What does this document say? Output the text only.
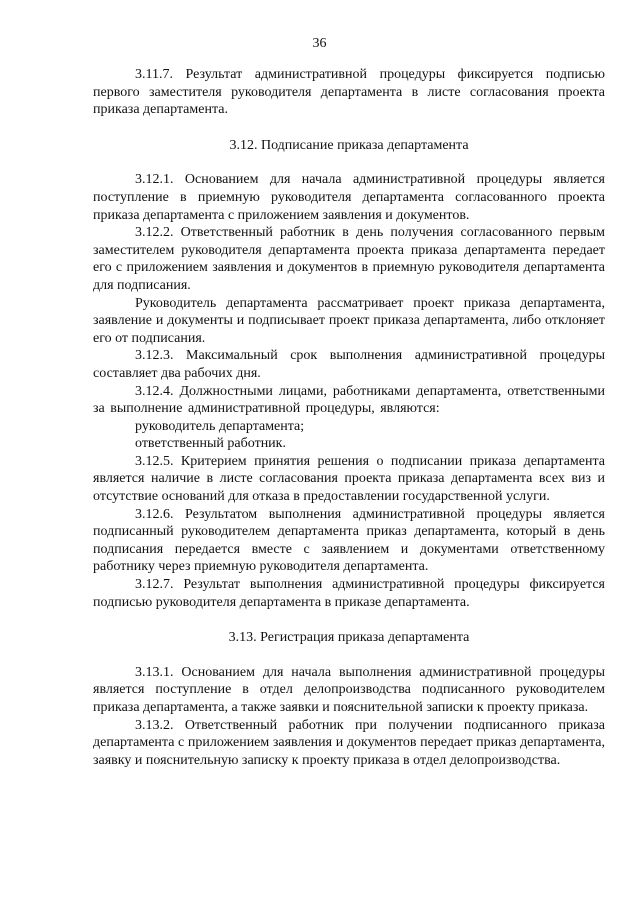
36

3.11.7. Результат административной процедуры фиксируется подписью первого заместителя руководителя департамента в листе согласования проекта приказа департамента.

3.12. Подписание приказа департамента

3.12.1. Основанием для начала административной процедуры является поступление в приемную руководителя департамента согласованного проекта приказа департамента с приложением заявления и документов.

3.12.2. Ответственный работник в день получения согласованного первым заместителем руководителя департамента проекта приказа департамента передает его с приложением заявления и документов в приемную руководителя департамента для подписания.

Руководитель департамента рассматривает проект приказа департамента, заявление и документы и подписывает проект приказа департамента, либо отклоняет его от подписания.

3.12.3. Максимальный срок выполнения административной процедуры составляет два рабочих дня.

3.12.4. Должностными лицами, работниками департамента, ответственными за выполнение административной процедуры, являются:

руководитель департамента;

ответственный работник.

3.12.5. Критерием принятия решения о подписании приказа департамента является наличие в листе согласования проекта приказа департамента всех виз и отсутствие оснований для отказа в предоставлении государственной услуги.

3.12.6. Результатом выполнения административной процедуры является подписанный руководителем департамента приказ департамента, который в день подписания передается вместе с заявлением и документами ответственному работнику через приемную руководителя департамента.

3.12.7. Результат выполнения административной процедуры фиксируется подписью руководителя департамента в приказе департамента.

3.13. Регистрация приказа департамента

3.13.1. Основанием для начала выполнения административной процедуры является поступление в отдел делопроизводства подписанного руководителем приказа департамента, а также заявки и пояснительной записки к проекту приказа.

3.13.2. Ответственный работник при получении подписанного приказа департамента с приложением заявления и документов передает приказ департамента, заявку и пояснительную записку к проекту приказа в отдел делопроизводства.
